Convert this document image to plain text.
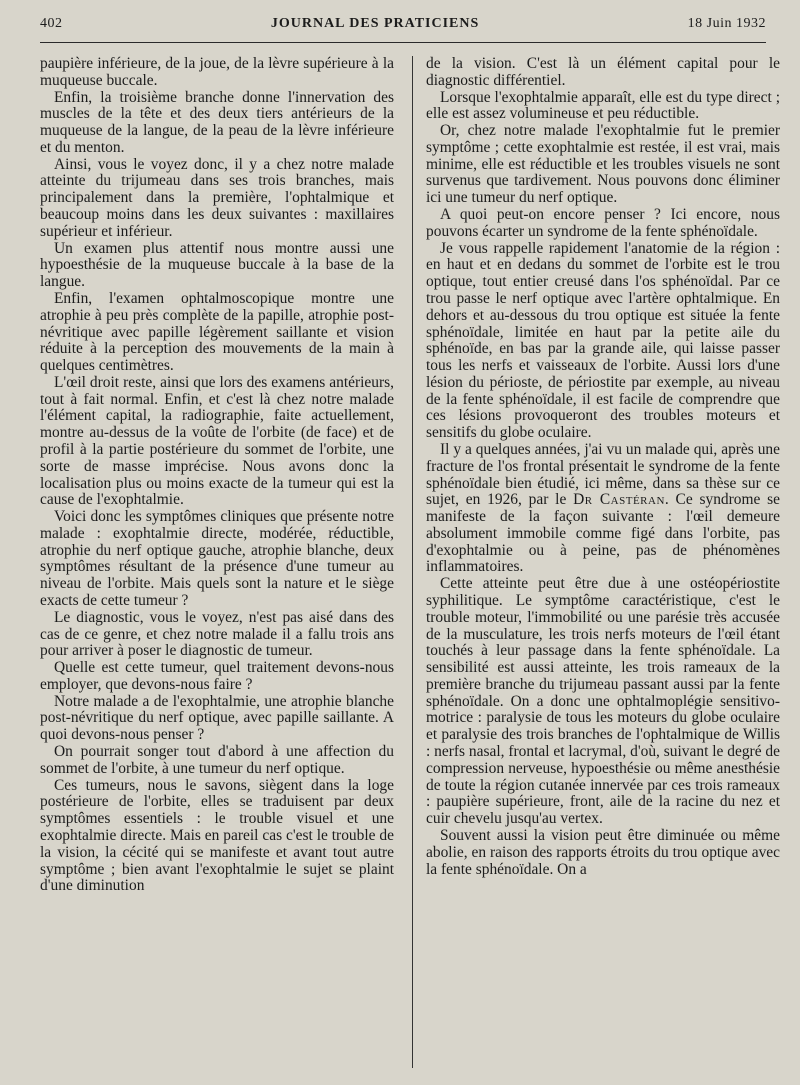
402	JOURNAL DES PRATICIENS	18 Juin 1932

paupière inférieure, de la joue, de la lèvre supérieure à la muqueuse buccale.

Enfin, la troisième branche donne l'innervation des muscles de la tête et des deux tiers antérieurs de la muqueuse de la langue, de la peau de la lèvre inférieure et du menton.

Ainsi, vous le voyez donc, il y a chez notre malade atteinte du trijumeau dans ses trois branches, mais principalement dans la première, l'ophtalmique et beaucoup moins dans les deux suivantes : maxillaires supérieur et inférieur.

Un examen plus attentif nous montre aussi une hypoesthésie de la muqueuse buccale à la base de la langue.

Enfin, l'examen ophtalmoscopique montre une atrophie à peu près complète de la papille, atrophie post-névritique avec papille légèrement saillante et vision réduite à la perception des mouvements de la main à quelques centimètres.

L'œil droit reste, ainsi que lors des examens antérieurs, tout à fait normal. Enfin, et c'est là chez notre malade l'élément capital, la radiographie, faite actuellement, montre au-dessus de la voûte de l'orbite (de face) et de profil à la partie postérieure du sommet de l'orbite, une sorte de masse imprécise. Nous avons donc la localisation plus ou moins exacte de la tumeur qui est la cause de l'exophtalmie.

Voici donc les symptômes cliniques que présente notre malade : exophtalmie directe, modérée, réductible, atrophie du nerf optique gauche, atrophie blanche, deux symptômes résultant de la présence d'une tumeur au niveau de l'orbite. Mais quels sont la nature et le siège exacts de cette tumeur ?

Le diagnostic, vous le voyez, n'est pas aisé dans des cas de ce genre, et chez notre malade il a fallu trois ans pour arriver à poser le diagnostic de tumeur.

Quelle est cette tumeur, quel traitement devons-nous employer, que devons-nous faire ?

Notre malade a de l'exophtalmie, une atrophie blanche post-névritique du nerf optique, avec papille saillante. A quoi devons-nous penser ?

On pourrait songer tout d'abord à une affection du sommet de l'orbite, à une tumeur du nerf optique.

Ces tumeurs, nous le savons, siègent dans la loge postérieure de l'orbite, elles se traduisent par deux symptômes essentiels : le trouble visuel et une exophtalmie directe. Mais en pareil cas c'est le trouble de la vision, la cécité qui se manifeste et avant tout autre symptôme ; bien avant l'exophtalmie le sujet se plaint d'une diminution

de la vision. C'est là un élément capital pour le diagnostic différentiel.

Lorsque l'exophtalmie apparaît, elle est du type direct ; elle est assez volumineuse et peu réductible.

Or, chez notre malade l'exophtalmie fut le premier symptôme ; cette exophtalmie est restée, il est vrai, mais minime, elle est réductible et les troubles visuels ne sont survenus que tardivement. Nous pouvons donc éliminer ici une tumeur du nerf optique.

A quoi peut-on encore penser ? Ici encore, nous pouvons écarter un syndrome de la fente sphénoïdale.

Je vous rappelle rapidement l'anatomie de la région : en haut et en dedans du sommet de l'orbite est le trou optique, tout entier creusé dans l'os sphénoïdal. Par ce trou passe le nerf optique avec l'artère ophtalmique. En dehors et au-dessous du trou optique est située la fente sphénoïdale, limitée en haut par la petite aile du sphénoïde, en bas par la grande aile, qui laisse passer tous les nerfs et vaisseaux de l'orbite. Aussi lors d'une lésion du périoste, de périostite par exemple, au niveau de la fente sphénoïdale, il est facile de comprendre que ces lésions provoqueront des troubles moteurs et sensitifs du globe oculaire.

Il y a quelques années, j'ai vu un malade qui, après une fracture de l'os frontal présentait le syndrome de la fente sphénoïdale bien étudié, ici même, dans sa thèse sur ce sujet, en 1926, par le Dr Castéran. Ce syndrome se manifeste de la façon suivante : l'œil demeure absolument immobile comme figé dans l'orbite, pas d'exophtalmie ou à peine, pas de phénomènes inflammatoires.

Cette atteinte peut être due à une ostéopériostite syphilitique. Le symptôme caractéristique, c'est le trouble moteur, l'immobilité ou une parésie très accusée de la musculature, les trois nerfs moteurs de l'œil étant touchés à leur passage dans la fente sphénoïdale. La sensibilité est aussi atteinte, les trois rameaux de la première branche du trijumeau passant aussi par la fente sphénoïdale. On a donc une ophtalmoplégie sensitivo-motrice : paralysie de tous les moteurs du globe oculaire et paralysie des trois branches de l'ophtalmique de Willis : nerfs nasal, frontal et lacrymal, d'où, suivant le degré de compression nerveuse, hypoesthésie ou même anesthésie de toute la région cutanée innervée par ces trois rameaux : paupière supérieure, front, aile de la racine du nez et cuir chevelu jusqu'au vertex.

Souvent aussi la vision peut être diminuée ou même abolie, en raison des rapports étroits du trou optique avec la fente sphénoïdale. On a
